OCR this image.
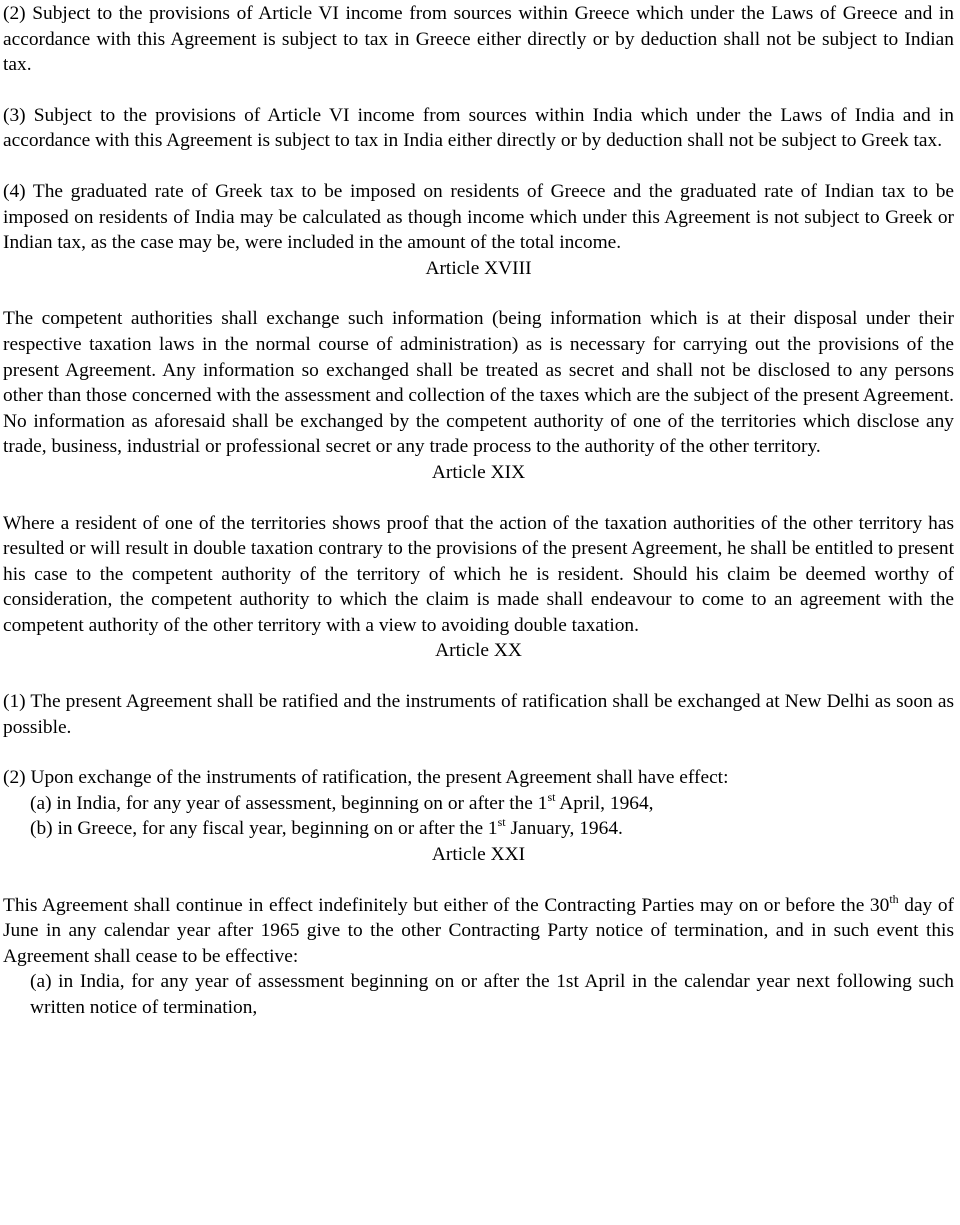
(2) Subject to the provisions of Article VI income from sources within Greece which under the Laws of Greece and in accordance with this Agreement is subject to tax in Greece either directly or by deduction shall not be subject to Indian tax.

(3) Subject to the provisions of Article VI income from sources within India which under the Laws of India and in accordance with this Agreement is subject to tax in India either directly or by deduction shall not be subject to Greek tax.

(4) The graduated rate of Greek tax to be imposed on residents of Greece and the graduated rate of Indian tax to be imposed on residents of India may be calculated as though income which under this Agreement is not subject to Greek or Indian tax, as the case may be, were included in the amount of the total income.

Article XVIII

The competent authorities shall exchange such information (being information which is at their disposal under their respective taxation laws in the normal course of administration) as is necessary for carrying out the provisions of the present Agreement. Any information so exchanged shall be treated as secret and shall not be disclosed to any persons other than those concerned with the assessment and collection of the taxes which are the subject of the present Agreement. No information as aforesaid shall be exchanged by the competent authority of one of the territories which disclose any trade, business, industrial or professional secret or any trade process to the authority of the other territory.

Article XIX

Where a resident of one of the territories shows proof that the action of the taxation authorities of the other territory has resulted or will result in double taxation contrary to the provisions of the present Agreement, he shall be entitled to present his case to the competent authority of the territory of which he is resident. Should his claim be deemed worthy of consideration, the competent authority to which the claim is made shall endeavour to come to an agreement with the competent authority of the other territory with a view to avoiding double taxation.

Article XX

(1) The present Agreement shall be ratified and the instruments of ratification shall be exchanged at New Delhi as soon as possible.

(2) Upon exchange of the instruments of ratification, the present Agreement shall have effect:

(a) in India, for any year of assessment, beginning on or after the 1st April, 1964,
(b) in Greece, for any fiscal year, beginning on or after the 1st January, 1964.

Article XXI

This Agreement shall continue in effect indefinitely but either of the Contracting Parties may on or before the 30th day of June in any calendar year after 1965 give to the other Contracting Party notice of termination, and in such event this Agreement shall cease to be effective:

(a) in India, for any year of assessment beginning on or after the 1st April in the calendar year next following such written notice of termination,
